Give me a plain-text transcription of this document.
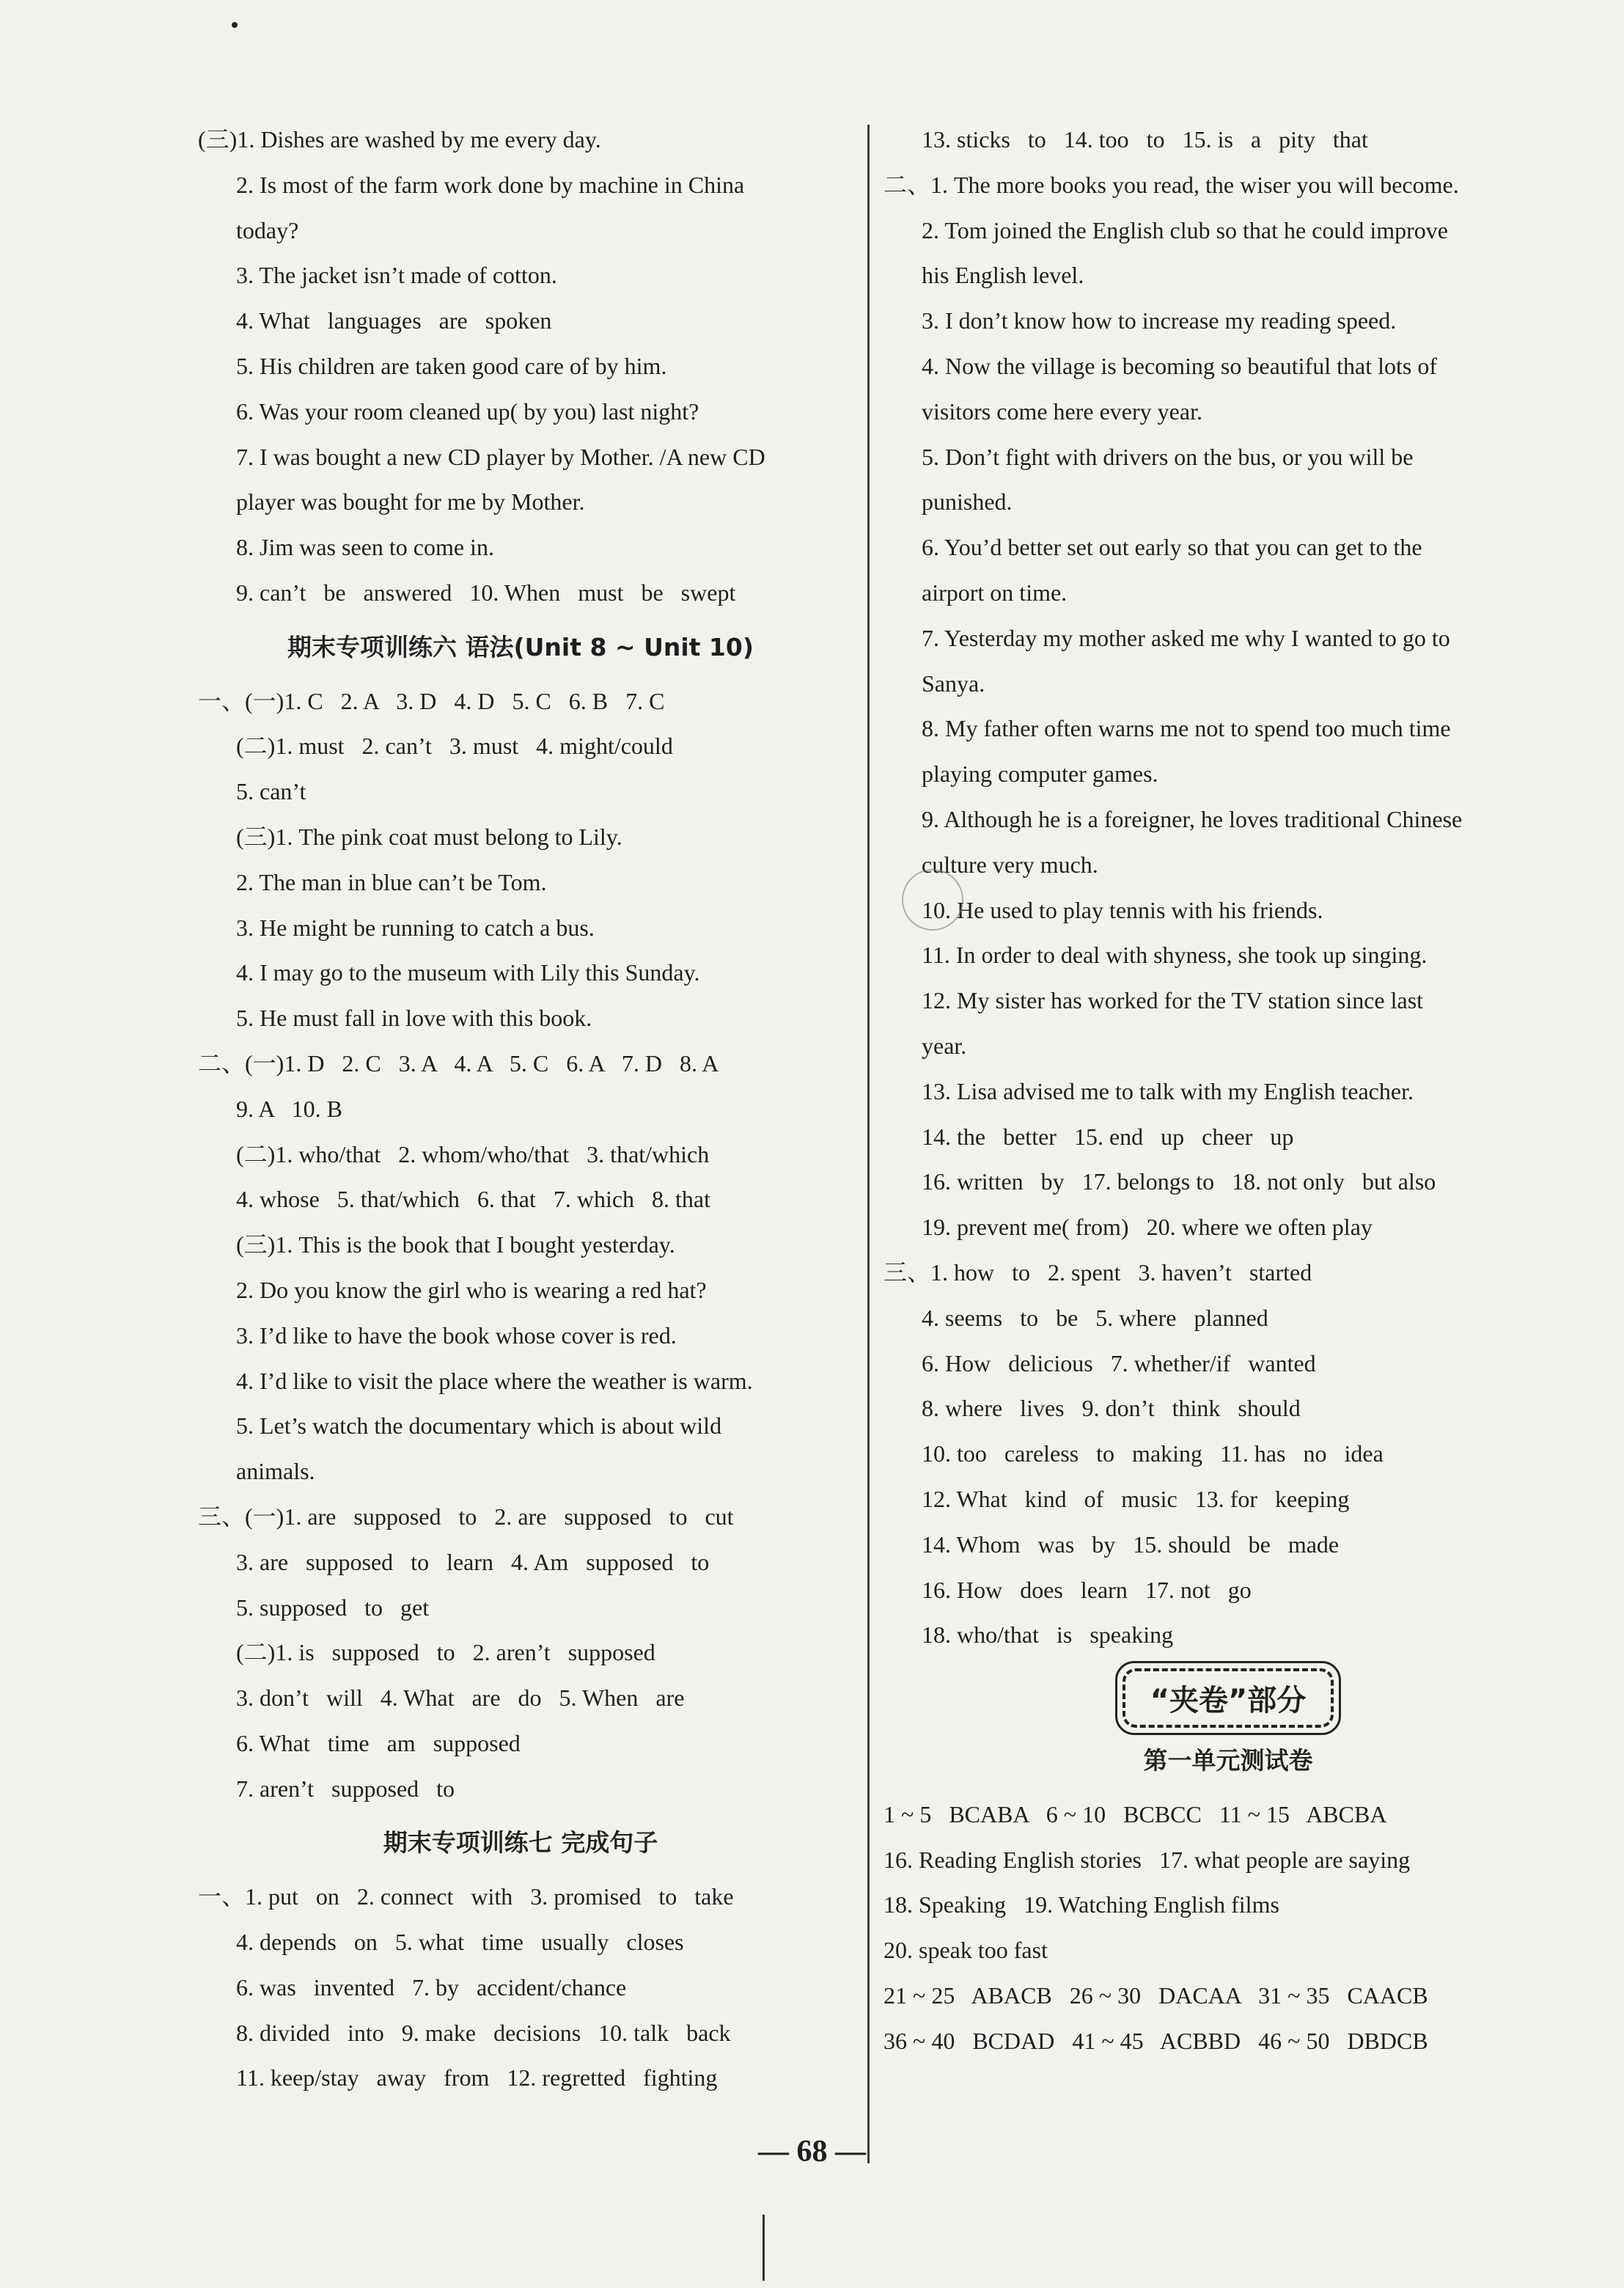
(三)1. Dishes are washed by me every day.
2. Is most of the farm work done by machine in China
today?
3. The jacket isn’t made of cotton.
4. What   languages   are   spoken
5. His children are taken good care of by him.
6. Was your room cleaned up( by you) last night?
7. I was bought a new CD player by Mother. /A new CD
player was bought for me by Mother.
8. Jim was seen to come in.
9. can’t   be   answered   10. When   must   be   swept
期末专项训练六 语法(Unit 8 ~ Unit 10)
一、(一)1. C   2. A   3. D   4. D   5. C   6. B   7. C
(二)1. must   2. can’t   3. must   4. might/could
5. can’t
(三)1. The pink coat must belong to Lily.
2. The man in blue can’t be Tom.
3. He might be running to catch a bus.
4. I may go to the museum with Lily this Sunday.
5. He must fall in love with this book.
二、(一)1. D   2. C   3. A   4. A   5. C   6. A   7. D   8. A
9. A   10. B
(二)1. who/that   2. whom/who/that   3. that/which
4. whose   5. that/which   6. that   7. which   8. that
(三)1. This is the book that I bought yesterday.
2. Do you know the girl who is wearing a red hat?
3. I’d like to have the book whose cover is red.
4. I’d like to visit the place where the weather is warm.
5. Let’s watch the documentary which is about wild
animals.
三、(一)1. are   supposed   to   2. are   supposed   to   cut
3. are   supposed   to   learn   4. Am   supposed   to
5. supposed   to   get
(二)1. is   supposed   to   2. aren’t   supposed
3. don’t   will   4. What   are   do   5. When   are
6. What   time   am   supposed
7. aren’t   supposed   to
期末专项训练七 完成句子
一、1. put   on   2. connect   with   3. promised   to   take
4. depends   on   5. what   time   usually   closes
6. was   invented   7. by   accident/chance
8. divided   into   9. make   decisions   10. talk   back
11. keep/stay   away   from   12. regretted   fighting
13. sticks   to   14. too   to   15. is   a   pity   that
二、1. The more books you read, the wiser you will become.
2. Tom joined the English club so that he could improve
his English level.
3. I don’t know how to increase my reading speed.
4. Now the village is becoming so beautiful that lots of
visitors come here every year.
5. Don’t fight with drivers on the bus, or you will be
punished.
6. You’d better set out early so that you can get to the
airport on time.
7. Yesterday my mother asked me why I wanted to go to
Sanya.
8. My father often warns me not to spend too much time
playing computer games.
9. Although he is a foreigner, he loves traditional Chinese
culture very much.
10. He used to play tennis with his friends.
11. In order to deal with shyness, she took up singing.
12. My sister has worked for the TV station since last
year.
13. Lisa advised me to talk with my English teacher.
14. the   better   15. end   up   cheer   up
16. written   by   17. belongs to   18. not only   but also
19. prevent me( from)   20. where we often play
三、1. how   to   2. spent   3. haven’t   started
4. seems   to   be   5. where   planned
6. How   delicious   7. whether/if   wanted
8. where   lives   9. don’t   think   should
10. too   careless   to   making   11. has   no   idea
12. What   kind   of   music   13. for   keeping
14. Whom   was   by   15. should   be   made
16. How   does   learn   17. not   go
18. who/that   is   speaking
“夹卷”部分
第一单元测试卷
1 ~ 5   BCABA   6 ~ 10   BCBCC   11 ~ 15   ABCBA
16. Reading English stories   17. what people are saying
18. Speaking   19. Watching English films
20. speak too fast
21 ~ 25   ABACB   26 ~ 30   DACAA   31 ~ 35   CAACB
36 ~ 40   BCDAD   41 ~ 45   ACBBD   46 ~ 50   DBDCB
— 68 —
